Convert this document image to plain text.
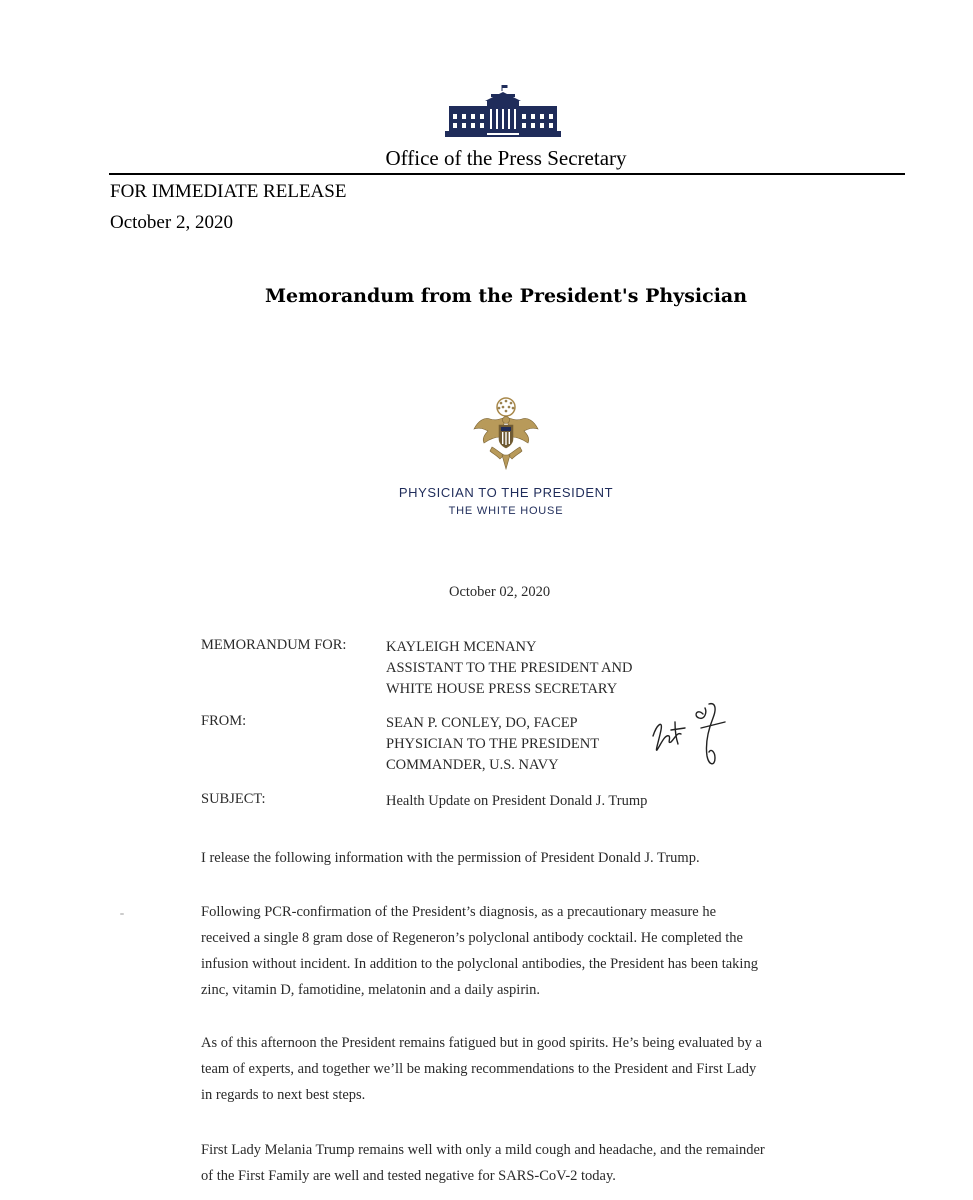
Office of the Press Secretary
FOR IMMEDIATE RELEASE
October 2, 2020
Memorandum from the President's Physician
PHYSICIAN TO THE PRESIDENT
THE WHITE HOUSE
October 02, 2020
MEMORANDUM FOR:	KAYLEIGH MCENANY
ASSISTANT TO THE PRESIDENT AND
WHITE HOUSE PRESS SECRETARY
FROM:	SEAN P. CONLEY, DO, FACEP
PHYSICIAN TO THE PRESIDENT
COMMANDER, U.S. NAVY
SUBJECT:	Health Update on President Donald J. Trump
I release the following information with the permission of President Donald J. Trump.
Following PCR-confirmation of the President’s diagnosis, as a precautionary measure he
received a single 8 gram dose of Regeneron’s polyclonal antibody cocktail. He completed the
infusion without incident. In addition to the polyclonal antibodies, the President has been taking
zinc, vitamin D, famotidine, melatonin and a daily aspirin.
As of this afternoon the President remains fatigued but in good spirits. He’s being evaluated by a
team of experts, and together we’ll be making recommendations to the President and First Lady
in regards to next best steps.
First Lady Melania Trump remains well with only a mild cough and headache, and the remainder
of the First Family are well and tested negative for SARS-CoV-2 today.
